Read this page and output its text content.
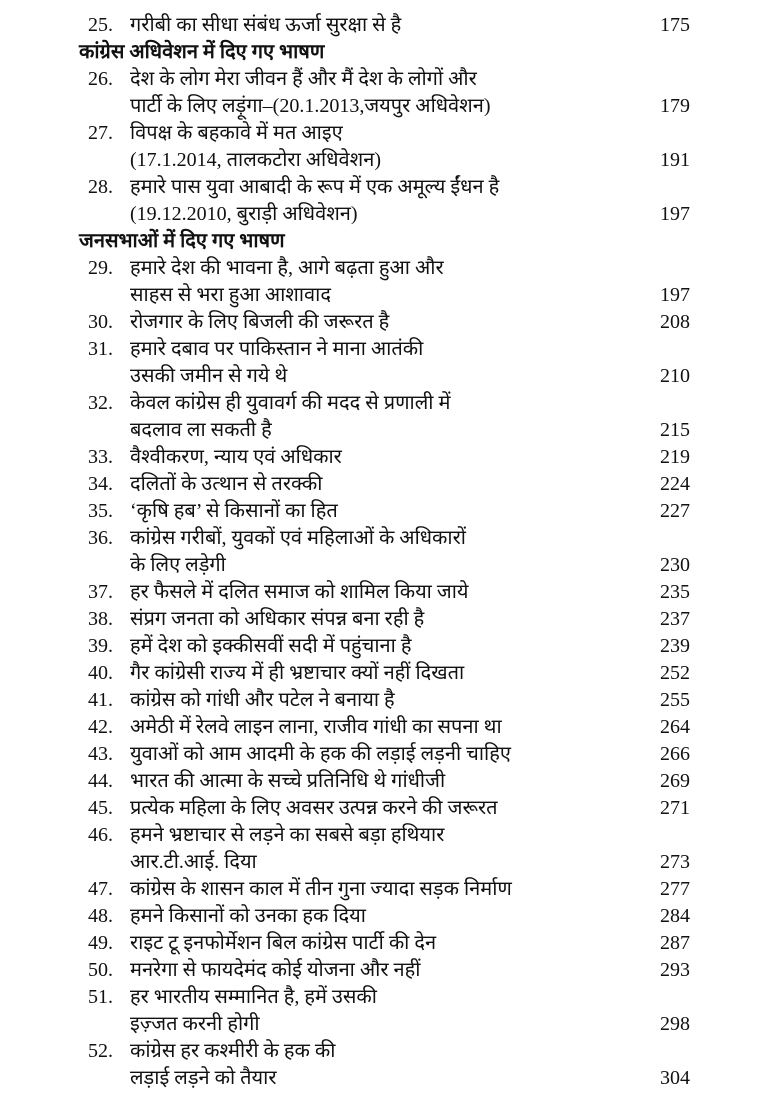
25. गरीबी का सीधा संबंध ऊर्जा सुरक्षा से है	175
कांग्रेस अधिवेशन में दिए गए भाषण
26. देश के लोग मेरा जीवन हैं और मैं देश के लोगों और
पार्टी के लिए लड़ूंगा–(20.1.2013,जयपुर अधिवेशन)	179
27. विपक्ष के बहकावे में मत आइए
(17.1.2014, तालकटोरा अधिवेशन)	191
28. हमारे पास युवा आबादी के रूप में एक अमूल्य ईंधन है
(19.12.2010, बुराड़ी अधिवेशन)	197
जनसभाओं में दिए गए भाषण
29. हमारे देश की भावना है, आगे बढ़ता हुआ और
साहस से भरा हुआ आशावाद	197
30. रोजगार के लिए बिजली की जरूरत है	208
31. हमारे दबाव पर पाकिस्तान ने माना आतंकी
उसकी जमीन से गये थे	210
32. केवल कांग्रेस ही युवावर्ग की मदद से प्रणाली में
बदलाव ला सकती है	215
33. वैश्वीकरण, न्याय एवं अधिकार	219
34. दलितों के उत्थान से तरक्की	224
35. ‘कृषि हब’ से किसानों का हित	227
36. कांग्रेस गरीबों, युवकों एवं महिलाओं के अधिकारों
के लिए लड़ेगी	230
37. हर फैसले में दलित समाज को शामिल किया जाये	235
38. संप्रग जनता को अधिकार संपन्न बना रही है	237
39. हमें देश को इक्कीसवीं सदी में पहुंचाना है	239
40. गैर कांग्रेसी राज्य में ही भ्रष्टाचार क्यों नहीं दिखता	252
41. कांग्रेस को गांधी और पटेल ने बनाया है	255
42. अमेठी में रेलवे लाइन लाना, राजीव गांधी का सपना था	264
43. युवाओं को आम आदमी के हक की लड़ाई लड़नी चाहिए	266
44. भारत की आत्मा के सच्चे प्रतिनिधि थे गांधीजी	269
45. प्रत्येक महिला के लिए अवसर उत्पन्न करने की जरूरत	271
46. हमने भ्रष्टाचार से लड़ने का सबसे बड़ा हथियार
आर.टी.आई. दिया	273
47. कांग्रेस के शासन काल में तीन गुना ज्यादा सड़क निर्माण	277
48. हमने किसानों को उनका हक दिया	284
49. राइट टू इनफोर्मेशन बिल कांग्रेस पार्टी की देन	287
50. मनरेगा से फायदेमंद कोई योजना और नहीं	293
51. हर भारतीय सम्मानित है, हमें उसकी
इज़्जत करनी होगी	298
52. कांग्रेस हर कश्मीरी के हक की
लड़ाई लड़ने को तैयार	304
